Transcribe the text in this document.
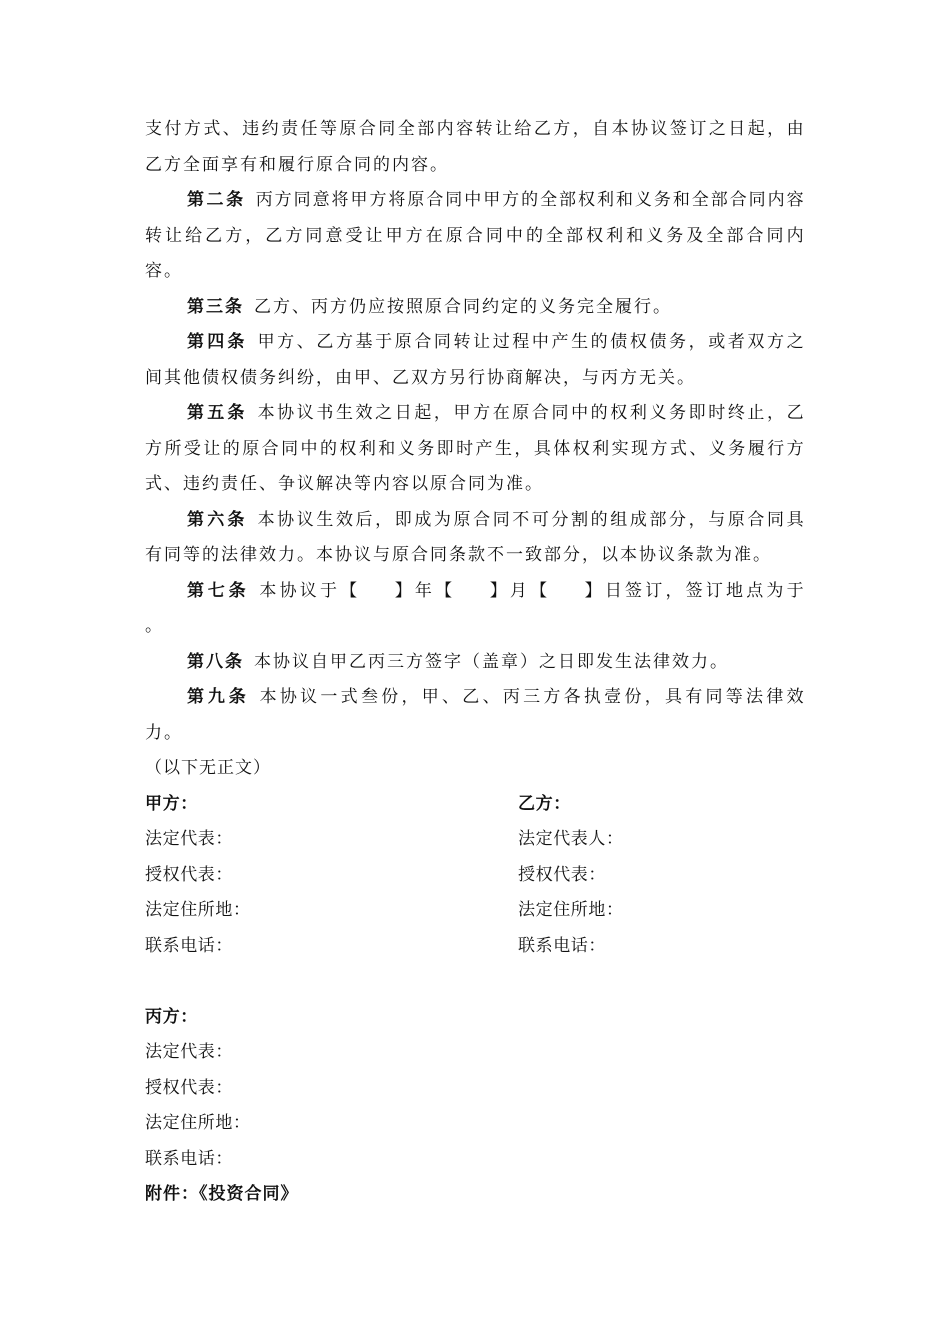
支付方式、违约责任等原合同全部内容转让给乙方，自本协议签订之日起，由
乙方全面享有和履行原合同的内容。
第二条 丙方同意将甲方将原合同中甲方的全部权利和义务和全部合同内容
转让给乙方，乙方同意受让甲方在原合同中的全部权利和义务及全部合同内
容。
第三条 乙方、丙方仍应按照原合同约定的义务完全履行。
第四条 甲方、乙方基于原合同转让过程中产生的债权债务，或者双方之
间其他债权债务纠纷，由甲、乙双方另行协商解决，与丙方无关。
第五条 本协议书生效之日起，甲方在原合同中的权利义务即时终止，乙
方所受让的原合同中的权利和义务即时产生，具体权利实现方式、义务履行方
式、违约责任、争议解决等内容以原合同为准。
第六条 本协议生效后，即成为原合同不可分割的组成部分，与原合同具
有同等的法律效力。本协议与原合同条款不一致部分，以本协议条款为准。
第七条 本协议于【    】年【    】月【    】日签订，签订地点为于
。
第八条 本协议自甲乙丙三方签字（盖章）之日即发生法律效力。
第九条 本协议一式叁份，甲、乙、丙三方各执壹份，具有同等法律效
力。
（以下无正文）
甲方：	乙方：
法定代表：	法定代表人：
授权代表：	授权代表：
法定住所地：	法定住所地：
联系电话：	联系电话：
丙方：
法定代表：
授权代表：
法定住所地：
联系电话：
附件：《投资合同》
